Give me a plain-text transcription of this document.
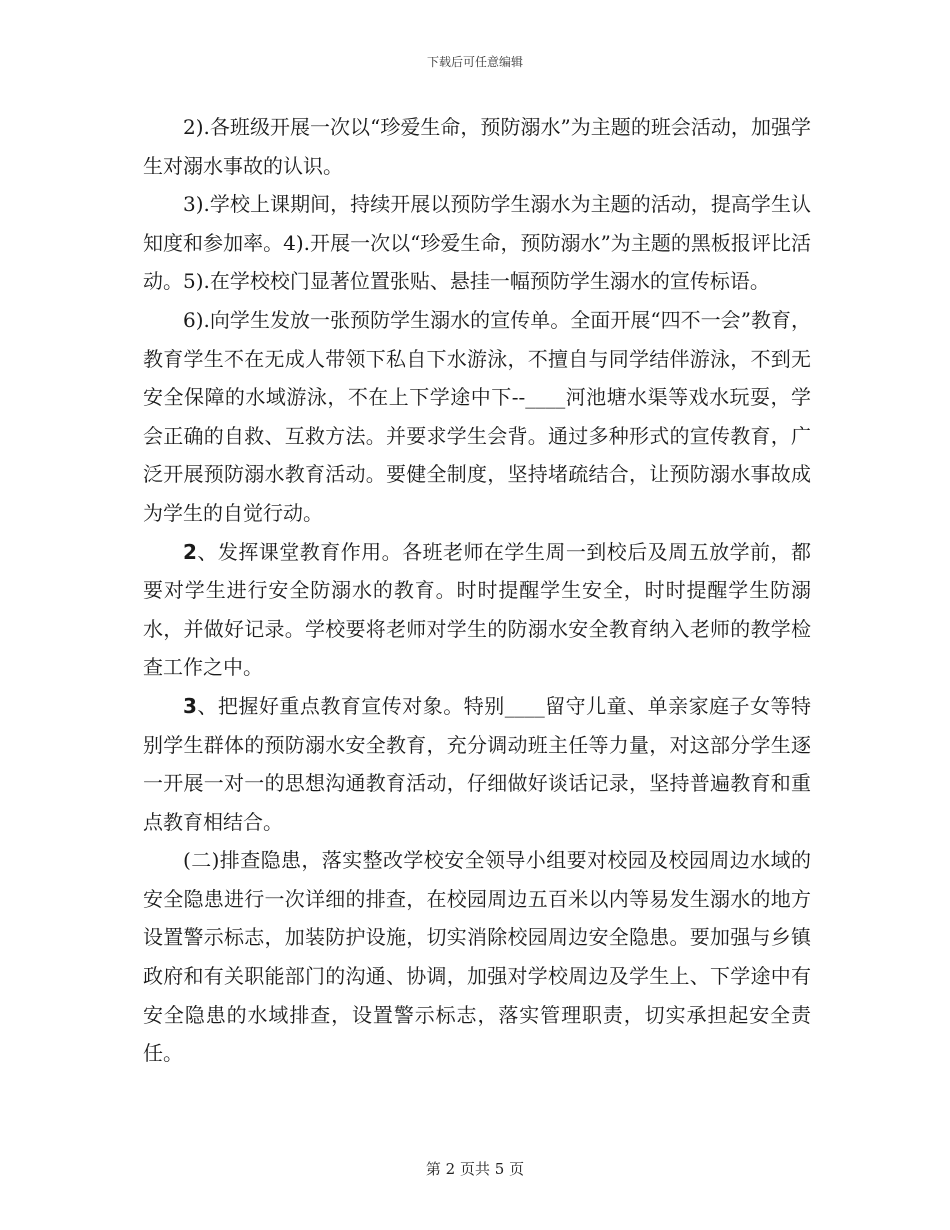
下载后可任意编辑

2).各班级开展一次以“珍爱生命，预防溺水”为主题的班会活动，加强学生对溺水事故的认识。

3).学校上课期间，持续开展以预防学生溺水为主题的活动，提高学生认知度和参加率。4).开展一次以“珍爱生命，预防溺水”为主题的黑板报评比活动。5).在学校校门显著位置张贴、悬挂一幅预防学生溺水的宣传标语。

6).向学生发放一张预防学生溺水的宣传单。全面开展“四不一会”教育，教育学生不在无成人带领下私自下水游泳，不擅自与同学结伴游泳，不到无安全保障的水域游泳，不在上下学途中下--____河池塘水渠等戏水玩耍，学会正确的自救、互救方法。并要求学生会背。通过多种形式的宣传教育，广泛开展预防溺水教育活动。要健全制度，坚持堵疏结合，让预防溺水事故成为学生的自觉行动。

2、发挥课堂教育作用。各班老师在学生周一到校后及周五放学前，都要对学生进行安全防溺水的教育。时时提醒学生安全，时时提醒学生防溺水，并做好记录。学校要将老师对学生的防溺水安全教育纳入老师的教学检查工作之中。

3、把握好重点教育宣传对象。特别____留守儿童、单亲家庭子女等特别学生群体的预防溺水安全教育，充分调动班主任等力量，对这部分学生逐一开展一对一的思想沟通教育活动，仔细做好谈话记录，坚持普遍教育和重点教育相结合。

(二)排查隐患，落实整改学校安全领导小组要对校园及校园周边水域的安全隐患进行一次详细的排查，在校园周边五百米以内等易发生溺水的地方设置警示标志，加装防护设施，切实消除校园周边安全隐患。要加强与乡镇政府和有关职能部门的沟通、协调，加强对学校周边及学生上、下学途中有安全隐患的水域排查，设置警示标志，落实管理职责，切实承担起安全责任。

第 2 页共 5 页
